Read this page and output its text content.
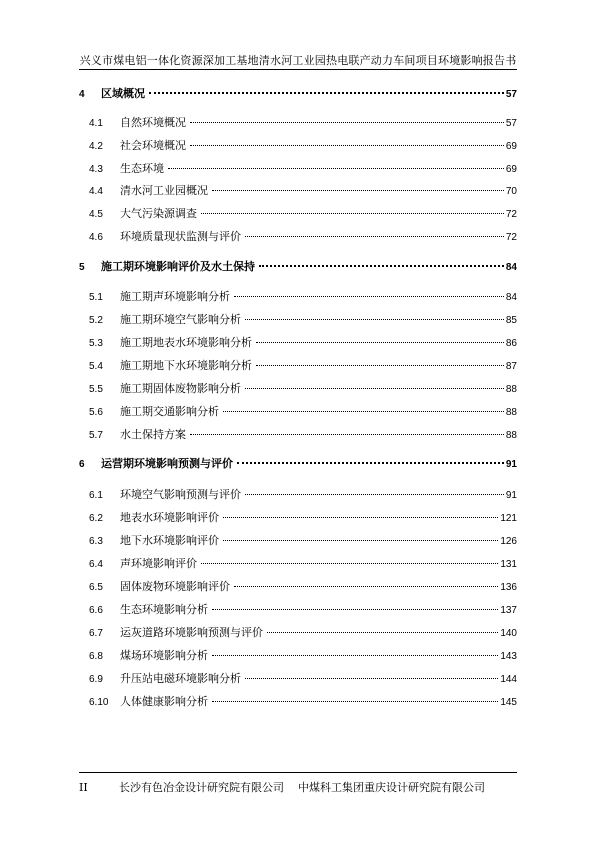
兴义市煤电铝一体化资源深加工基地清水河工业园热电联产动力车间项目环境影响报告书
4	区域概况	57
4.1	自然环境概况	57
4.2	社会环境概况	69
4.3	生态环境	69
4.4	清水河工业园概况	70
4.5	大气污染源调查	72
4.6	环境质量现状监测与评价	72
5	施工期环境影响评价及水土保持	84
5.1	施工期声环境影响分析	84
5.2	施工期环境空气影响分析	85
5.3	施工期地表水环境影响分析	86
5.4	施工期地下水环境影响分析	87
5.5	施工期固体废物影响分析	88
5.6	施工期交通影响分析	88
5.7	水土保持方案	88
6	运营期环境影响预测与评价	91
6.1	环境空气影响预测与评价	91
6.2	地表水环境影响评价	121
6.3	地下水环境影响评价	126
6.4	声环境影响评价	131
6.5	固体废物环境影响评价	136
6.6	生态环境影响分析	137
6.7	运灰道路环境影响预测与评价	140
6.8	煤场环境影响分析	143
6.9	升压站电磁环境影响分析	144
6.10	人体健康影响分析	145
II	长沙有色冶金设计研究院有限公司 中煤科工集团重庆设计研究院有限公司
